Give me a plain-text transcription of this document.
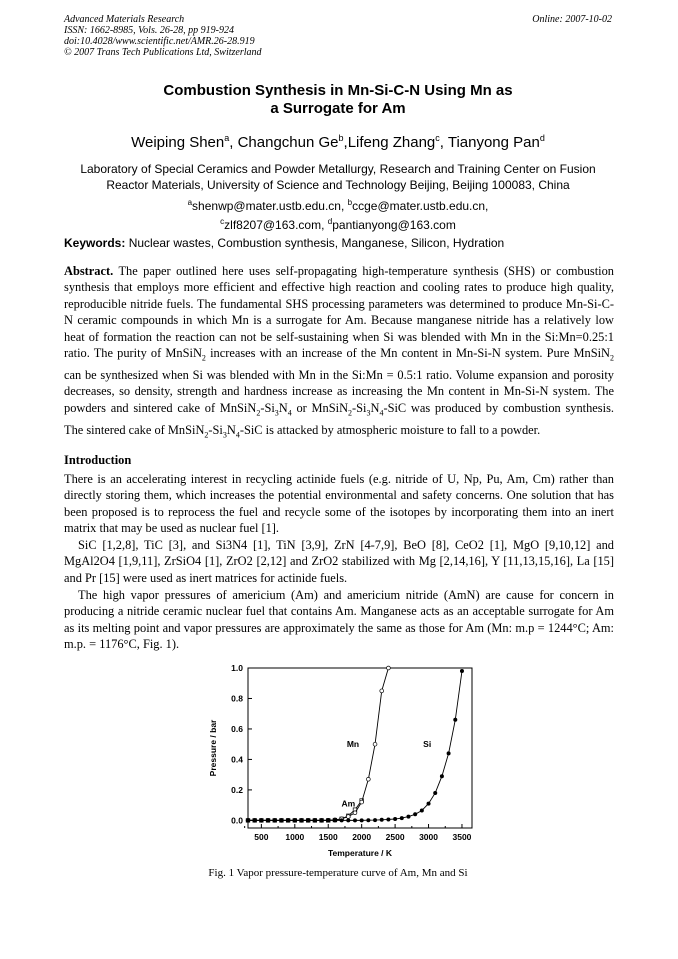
Advanced Materials Research
ISSN: 1662-8985, Vols. 26-28, pp 919-924
doi:10.4028/www.scientific.net/AMR.26-28.919
© 2007 Trans Tech Publications Ltd, Switzerland
Online: 2007-10-02
Combustion Synthesis in Mn-Si-C-N Using Mn as
a Surrogate for Am
Weiping Shen$^a$, Changchun Ge$^b$,Lifeng Zhang$^c$, Tianyong Pan$^d$
Laboratory of Special Ceramics and Powder Metallurgy, Research and Training Center on Fusion
Reactor Materials, University of Science and Technology Beijing, Beijing 100083, China
$^a$shenwp@mater.ustb.edu.cn, $^b$ccge@mater.ustb.edu.cn,
$^c$zlf8207@163.com, $^d$pantianyong@163.com
Keywords: Nuclear wastes, Combustion synthesis, Manganese, Silicon, Hydration
Abstract. The paper outlined here uses self-propagating high-temperature synthesis (SHS) or combustion synthesis that employs more efficient and effective high reaction and cooling rates to produce high quality, reproducible nitride fuels. The fundamental SHS processing parameters was determined to produce Mn-Si-C-N ceramic compounds in which Mn is a surrogate for Am. Because manganese nitride has a relatively low heat of formation the reaction can not be self-sustaining when Si was blended with Mn in the Si:Mn=0.25:1 ratio. The purity of MnSiN$_2$ increases with an increase of the Mn content in Mn-Si-N system. Pure MnSiN$_2$ can be synthesized when Si was blended with Mn in the Si:Mn = 0.5:1 ratio. Volume expansion and porosity decreases, so density, strength and hardness increase as increasing the Mn content in Mn-Si-N system. The powders and sintered cake of $MnSiN_2-Si_3N_4$ or $MnSiN_2-Si_3N_4$-SiC was produced by combustion synthesis. The sintered cake of $MnSiN_2-Si_3N_4$-SiC is attacked by atmospheric moisture to fall to a powder.
Introduction
There is an accelerating interest in recycling actinide fuels (e.g. nitride of U, Np, Pu, Am, Cm) rather than directly storing them, which increases the potential environmental and safety concerns. One solution that has been proposed is to reprocess the fuel and recycle some of the isotopes by incorporating them into an inert matrix that may be used as nuclear fuel [1].
SiC [1,2,8], TiC [3], and Si3N4 [1], TiN [3,9], ZrN [4-7,9], BeO [8], CeO2 [1], MgO [9,10,12] and MgAl2O4 [1,9,11], ZrSiO4 [1], ZrO2 [2,12] and ZrO2 stabilized with Mg [2,14,16], Y [11,13,15,16], La [15] and Pr [15] were used as inert matrices for actinide fuels.
The high vapor pressures of americium (Am) and americium nitride (AmN) are cause for concern in producing a nitride ceramic nuclear fuel that contains Am. Manganese acts as an acceptable surrogate for Am as its melting point and vapor pressures are approximately the same as those for Am (Mn: m.p = 1244°C; Am: m.p. = 1176°C, Fig. 1).
500 1000 1500 2000 2500 3000 3500
0.0
0.2
0.4
0.6
0.8
1.0
Am
Mn	Si
Temperature / K
Pressure / bar
Fig. 1 Vapor pressure-temperature curve of Am, Mn and Si
